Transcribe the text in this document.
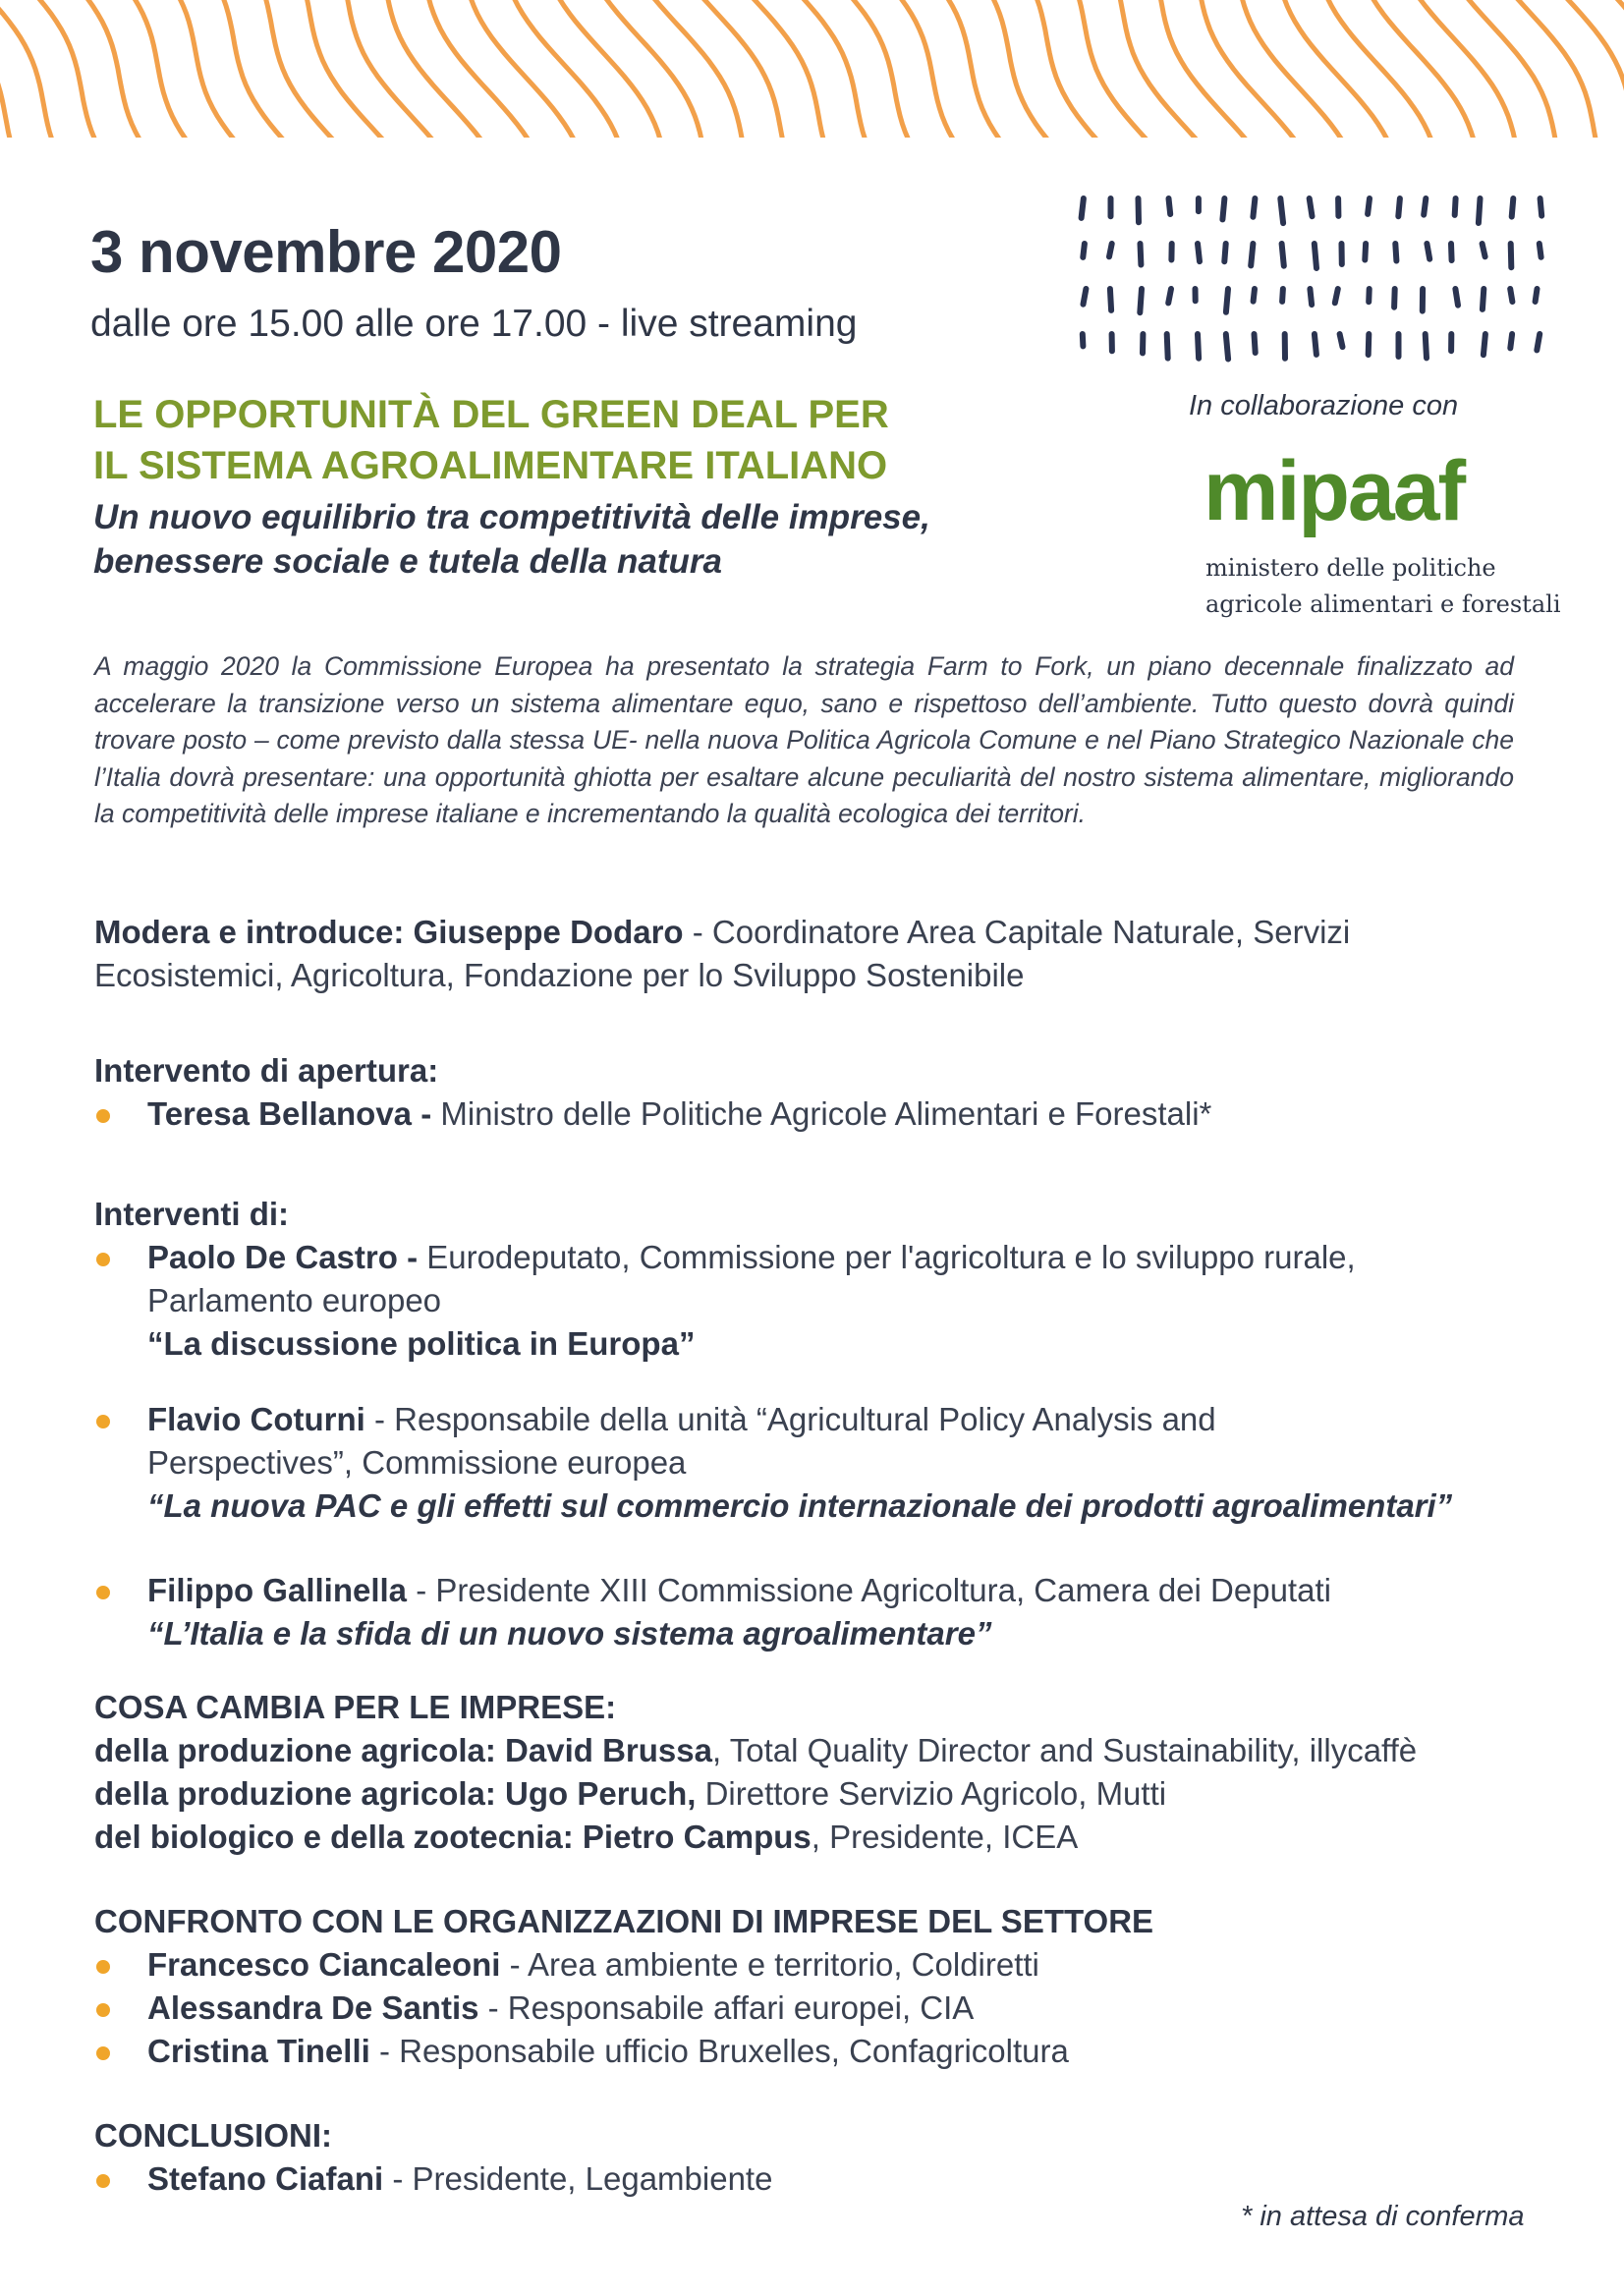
3 novembre 2020
dalle ore 15.00 alle ore 17.00 - live streaming
LE OPPORTUNITÀ DEL GREEN DEAL PER
IL SISTEMA AGROALIMENTARE ITALIANO
Un nuovo equilibrio tra competitività delle imprese,
benessere sociale e tutela della natura
In collaborazione con
mipaaf
ministero delle politiche
agricole alimentari e forestali
A maggio 2020 la Commissione Europea ha presentato la strategia Farm to Fork, un piano decennale finalizzato ad accelerare la transizione verso un sistema alimentare equo, sano e rispettoso dell’ambiente. Tutto questo dovrà quindi trovare posto – come previsto dalla stessa UE- nella nuova Politica Agricola Comune e nel Piano Strategico Nazionale che l’Italia dovrà presentare: una opportunità ghiotta per esaltare alcune peculiarità del nostro sistema alimentare, migliorando la competitività delle imprese italiane e incrementando la qualità ecologica dei territori.
Modera e introduce: Giuseppe Dodaro - Coordinatore Area Capitale Naturale, Servizi
Ecosistemici, Agricoltura, Fondazione per lo Sviluppo Sostenibile
Intervento di apertura:
Teresa Bellanova - Ministro delle Politiche Agricole Alimentari e Forestali*
Interventi di:
Paolo De Castro - Eurodeputato, Commissione per l'agricoltura e lo sviluppo rurale,
Parlamento europeo
“La discussione politica in Europa”
Flavio Coturni - Responsabile della unità “Agricultural Policy Analysis and
Perspectives”, Commissione europea
“La nuova PAC e gli effetti sul commercio internazionale dei prodotti agroalimentari”
Filippo Gallinella - Presidente XIII Commissione Agricoltura, Camera dei Deputati
“L’Italia e la sfida di un nuovo sistema agroalimentare”
COSA CAMBIA PER LE IMPRESE:
della produzione agricola: David Brussa, Total Quality Director and Sustainability, illycaffè
della produzione agricola: Ugo Peruch, Direttore Servizio Agricolo, Mutti
del biologico e della zootecnia: Pietro Campus, Presidente, ICEA
CONFRONTO CON LE ORGANIZZAZIONI DI IMPRESE DEL SETTORE
Francesco Ciancaleoni - Area ambiente e territorio, Coldiretti
Alessandra De Santis - Responsabile affari europei, CIA
Cristina Tinelli - Responsabile ufficio Bruxelles, Confagricoltura
CONCLUSIONI:
Stefano Ciafani - Presidente, Legambiente
* in attesa di conferma
